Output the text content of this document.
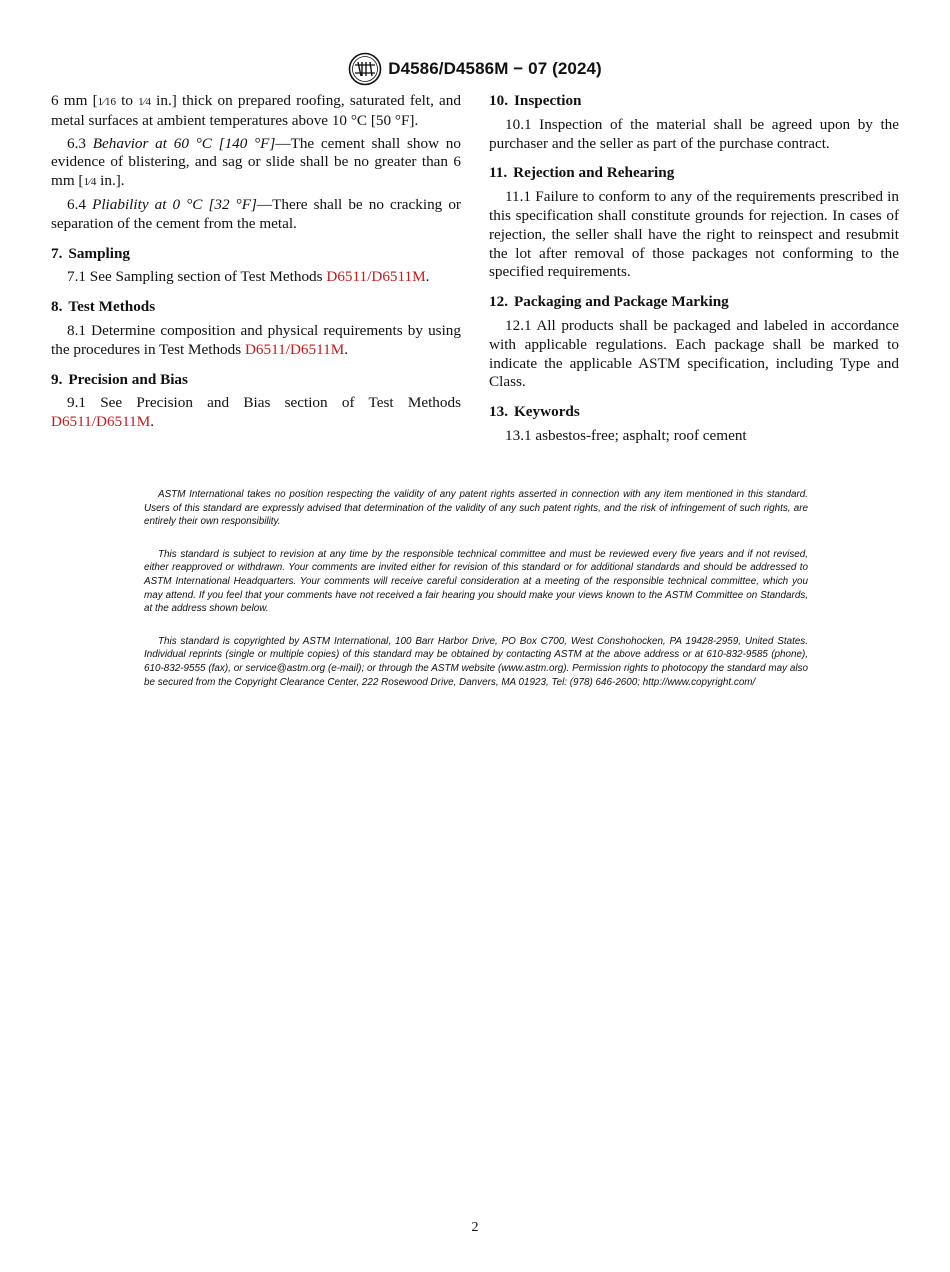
D4586/D4586M − 07 (2024)

6 mm [1⁄16 to 1⁄4 in.] thick on prepared roofing, saturated felt, and metal surfaces at ambient temperatures above 10 °C [50 °F].

6.3 Behavior at 60 °C [140 °F]—The cement shall show no evidence of blistering, and sag or slide shall be no greater than 6 mm [1⁄4 in.].

6.4 Pliability at 0 °C [32 °F]—There shall be no cracking or separation of the cement from the metal.

7. Sampling

7.1 See Sampling section of Test Methods D6511/D6511M.

8. Test Methods

8.1 Determine composition and physical requirements by using the procedures in Test Methods D6511/D6511M.

9. Precision and Bias

9.1 See Precision and Bias section of Test Methods D6511/D6511M.

10. Inspection

10.1 Inspection of the material shall be agreed upon by the purchaser and the seller as part of the purchase contract.

11. Rejection and Rehearing

11.1 Failure to conform to any of the requirements prescribed in this specification shall constitute grounds for rejection. In cases of rejection, the seller shall have the right to reinspect and resubmit the lot after removal of those packages not conforming to the specified requirements.

12. Packaging and Package Marking

12.1 All products shall be packaged and labeled in accordance with applicable regulations. Each package shall be marked to indicate the applicable ASTM specification, including Type and Class.

13. Keywords

13.1 asbestos-free; asphalt; roof cement

ASTM International takes no position respecting the validity of any patent rights asserted in connection with any item mentioned in this standard. Users of this standard are expressly advised that determination of the validity of any such patent rights, and the risk of infringement of such rights, are entirely their own responsibility.

This standard is subject to revision at any time by the responsible technical committee and must be reviewed every five years and if not revised, either reapproved or withdrawn. Your comments are invited either for revision of this standard or for additional standards and should be addressed to ASTM International Headquarters. Your comments will receive careful consideration at a meeting of the responsible technical committee, which you may attend. If you feel that your comments have not received a fair hearing you should make your views known to the ASTM Committee on Standards, at the address shown below.

This standard is copyrighted by ASTM International, 100 Barr Harbor Drive, PO Box C700, West Conshohocken, PA 19428-2959, United States. Individual reprints (single or multiple copies) of this standard may be obtained by contacting ASTM at the above address or at 610-832-9585 (phone), 610-832-9555 (fax), or service@astm.org (e-mail); or through the ASTM website (www.astm.org). Permission rights to photocopy the standard may also be secured from the Copyright Clearance Center, 222 Rosewood Drive, Danvers, MA 01923, Tel: (978) 646-2600; http://www.copyright.com/

2
